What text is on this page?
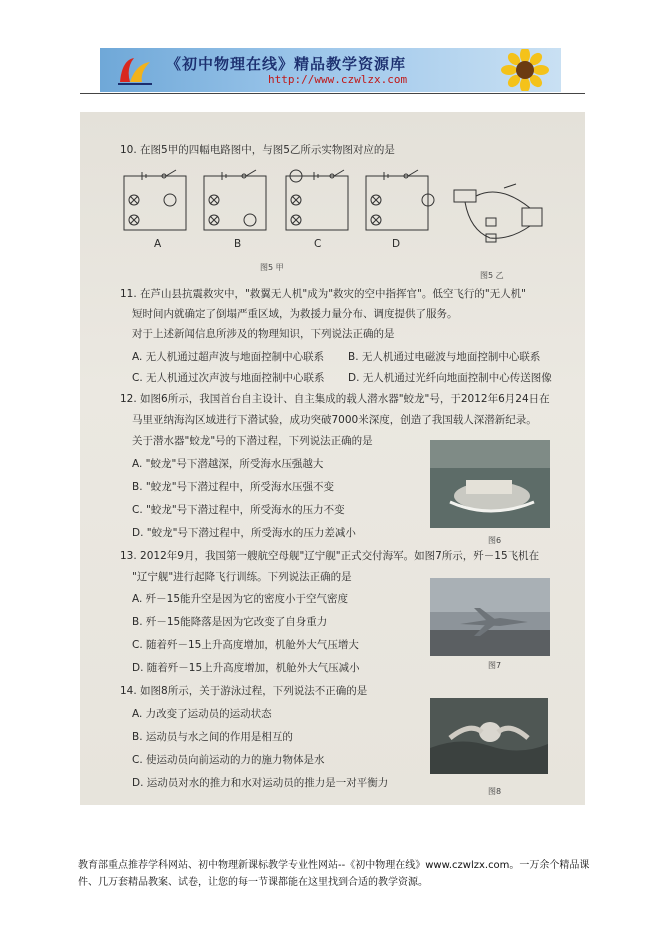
《初中物理在线》精品教学资源库
http://www.czwlzx.com
10. 在图5甲的四幅电路图中，与图5乙所示实物图对应的是
A	B	C	D
图5 甲
图5 乙
11. 在芦山县抗震救灾中，"救翼无人机"成为"救灾的空中指挥官"。低空飞行的"无人机"
短时间内就确定了倒塌严重区域，为救援力量分布、调度提供了服务。
对于上述新闻信息所涉及的物理知识，下列说法正确的是
A. 无人机通过超声波与地面控制中心联系 B. 无人机通过电磁波与地面控制中心联系
C. 无人机通过次声波与地面控制中心联系 D. 无人机通过光纤向地面控制中心传送图像
12. 如图6所示，我国首台自主设计、自主集成的载人潜水器"蛟龙"号，于2012年6月24日在
马里亚纳海沟区域进行下潜试验，成功突破7000米深度，创造了我国载人深潜新纪录。
关于潜水器"蛟龙"号的下潜过程，下列说法正确的是
A. "蛟龙"号下潜越深，所受海水压强越大
B. "蛟龙"号下潜过程中，所受海水压强不变
C. "蛟龙"号下潜过程中，所受海水的压力不变
D. "蛟龙"号下潜过程中，所受海水的压力差减小
图6
13. 2012年9月，我国第一艘航空母舰"辽宁舰"正式交付海军。如图7所示，歼－15飞机在
"辽宁舰"进行起降飞行训练。下列说法正确的是
A. 歼－15能升空是因为它的密度小于空气密度
B. 歼－15能降落是因为它改变了自身重力
C. 随着歼－15上升高度增加，机舱外大气压增大
D. 随着歼－15上升高度增加，机舱外大气压减小	图7
14. 如图8所示，关于游泳过程，下列说法不正确的是
A. 力改变了运动员的运动状态
B. 运动员与水之间的作用是相互的
C. 使运动员向前运动的力的施力物体是水
D. 运动员对水的推力和水对运动员的推力是一对平衡力
图8
教育部重点推荐学科网站、初中物理新课标教学专业性网站--《初中物理在线》www.czwlzx.com。一万余个精品课
件、几万套精品教案、试卷，让您的每一节课都能在这里找到合适的教学资源。
